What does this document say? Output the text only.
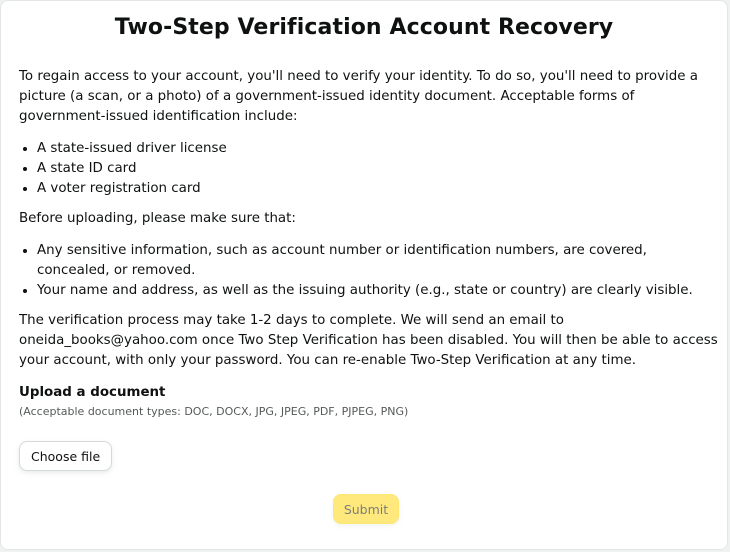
Two-Step Verification Account Recovery

To regain access to your account, you'll need to verify your identity. To do so, you'll need to provide a picture (a scan, or a photo) of a government-issued identity document. Acceptable forms of government-issued identification include:

• A state-issued driver license
• A state ID card
• A voter registration card

Before uploading, please make sure that:

• Any sensitive information, such as account number or identification numbers, are covered, concealed, or removed.
• Your name and address, as well as the issuing authority (e.g., state or country) are clearly visible.

The verification process may take 1-2 days to complete. We will send an email to oneida_books@yahoo.com once Two Step Verification has been disabled. You will then be able to access your account, with only your password. You can re-enable Two-Step Verification at any time.

Upload a document
(Acceptable document types: DOC, DOCX, JPG, JPEG, PDF, PJPEG, PNG)
Choose file
Submit
